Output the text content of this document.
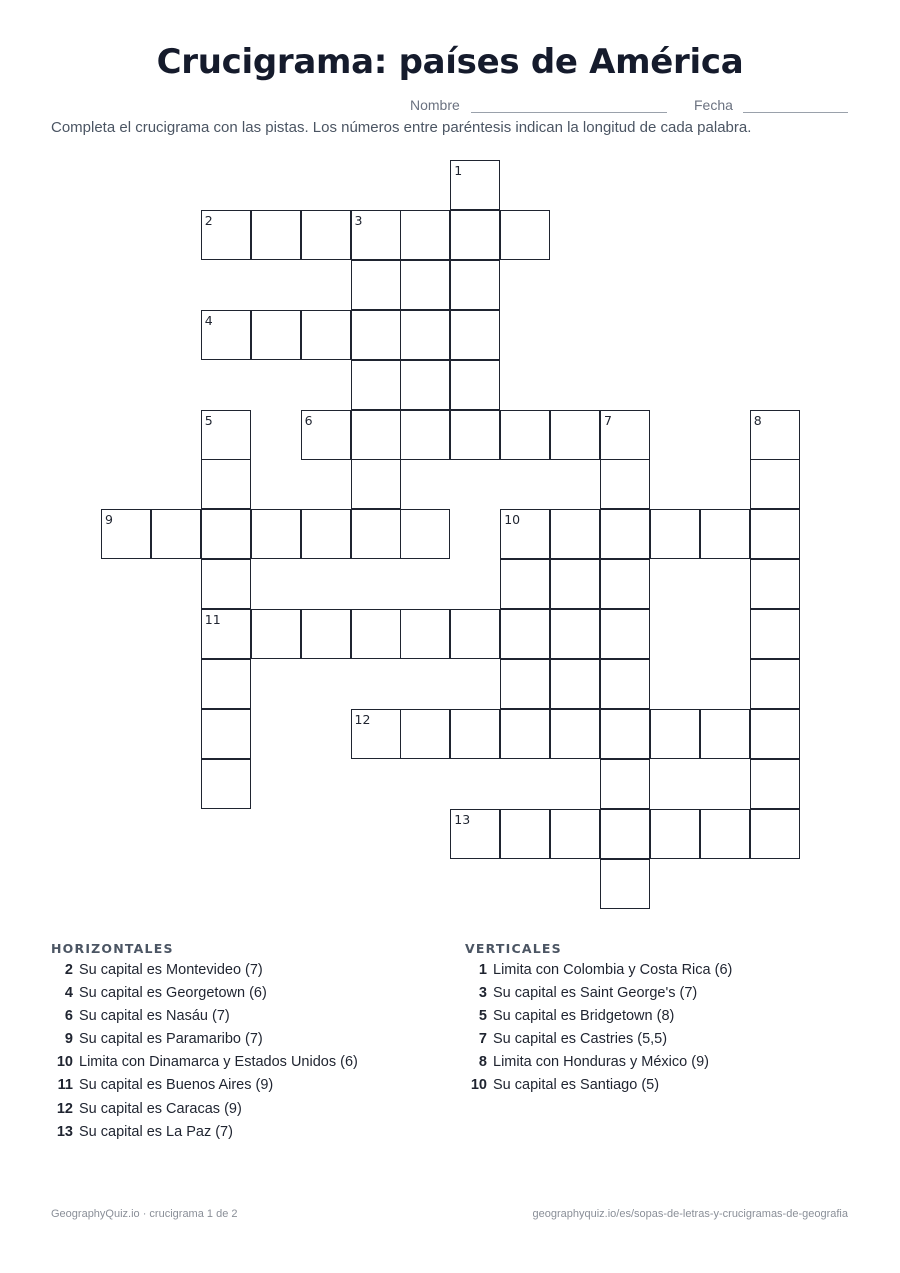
Crucigrama: países de América
Nombre	Fecha
Completa el crucigrama con las pistas. Los números entre paréntesis indican la longitud de cada palabra.
1
2	3
4
5
11
6	7	8
9	10
12
13
HORIZONTALES
2 Su capital es Montevideo (7)
4 Su capital es Georgetown (6)
6 Su capital es Nasáu (7)
9 Su capital es Paramaribo (7)
10 Limita con Dinamarca y Estados Unidos (6)
11 Su capital es Buenos Aires (9)
12 Su capital es Caracas (9)
13 Su capital es La Paz (7)
VERTICALES
1 Limita con Colombia y Costa Rica (6)
3 Su capital es Saint George's (7)
5 Su capital es Bridgetown (8)
7 Su capital es Castries (5,5)
8 Limita con Honduras y México (9)
10 Su capital es Santiago (5)
GeographyQuiz.io · crucigrama 1 de 2	geographyquiz.io/es/sopas-de-letras-y-crucigramas-de-geografia
